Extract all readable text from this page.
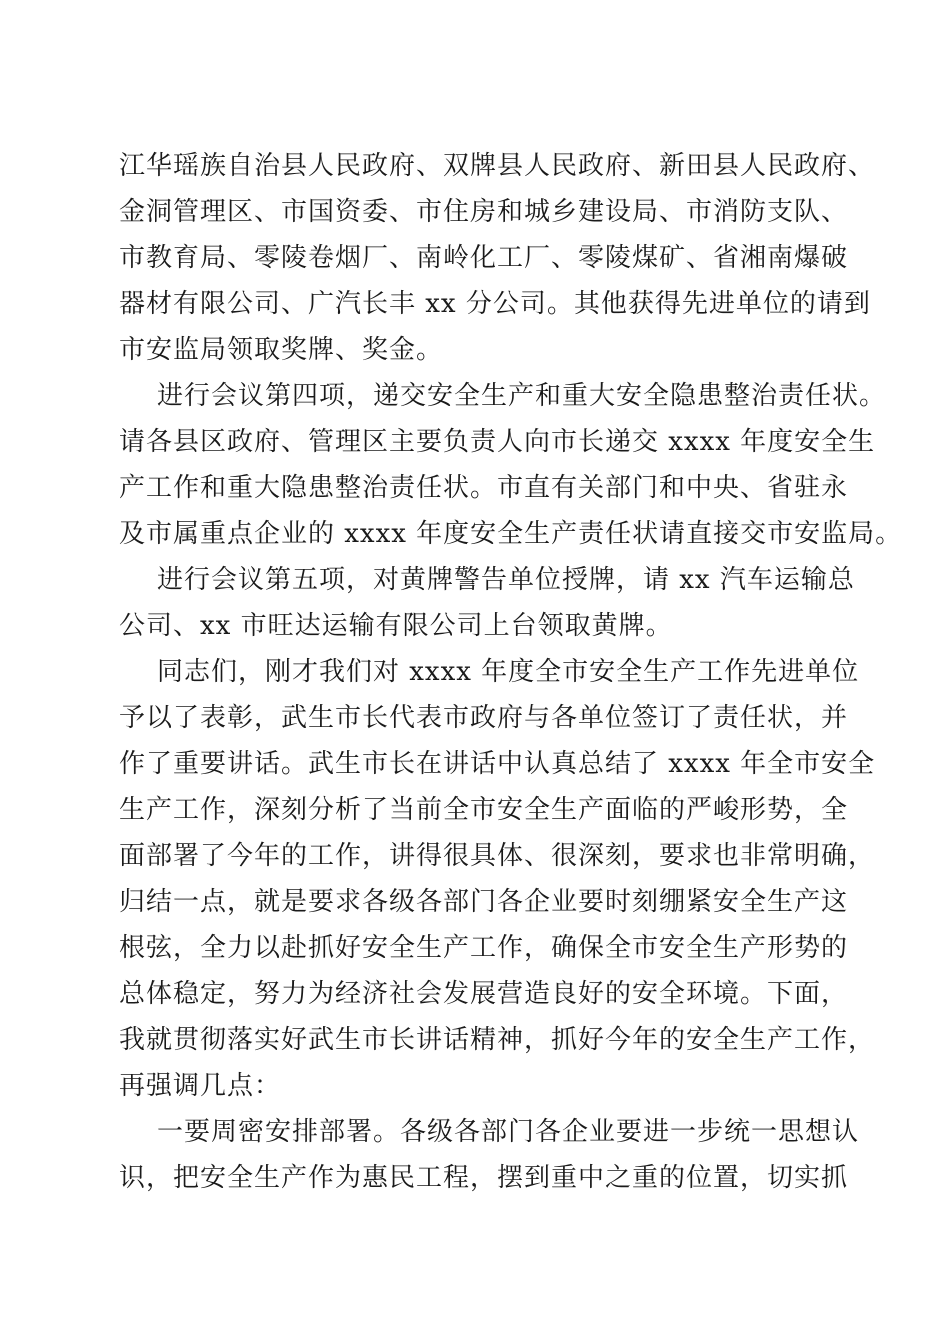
江华瑶族自治县人民政府、双牌县人民政府、新田县人民政府、
金洞管理区、市国资委、市住房和城乡建设局、市消防支队、
市教育局、零陵卷烟厂、南岭化工厂、零陵煤矿、省湘南爆破
器材有限公司、广汽长丰 xx 分公司。其他获得先进单位的请到
市安监局领取奖牌、奖金。
进行会议第四项，递交安全生产和重大安全隐患整治责任状。
请各县区政府、管理区主要负责人向市长递交 xxxx 年度安全生
产工作和重大隐患整治责任状。市直有关部门和中央、省驻永
及市属重点企业的 xxxx 年度安全生产责任状请直接交市安监局。
进行会议第五项，对黄牌警告单位授牌，请 xx 汽车运输总
公司、xx 市旺达运输有限公司上台领取黄牌。
同志们，刚才我们对 xxxx 年度全市安全生产工作先进单位
予以了表彰，武生市长代表市政府与各单位签订了责任状，并
作了重要讲话。武生市长在讲话中认真总结了 xxxx 年全市安全
生产工作，深刻分析了当前全市安全生产面临的严峻形势，全
面部署了今年的工作，讲得很具体、很深刻，要求也非常明确，
归结一点，就是要求各级各部门各企业要时刻绷紧安全生产这
根弦，全力以赴抓好安全生产工作，确保全市安全生产形势的
总体稳定，努力为经济社会发展营造良好的安全环境。下面，
我就贯彻落实好武生市长讲话精神，抓好今年的安全生产工作，
再强调几点：
一要周密安排部署。各级各部门各企业要进一步统一思想认
识，把安全生产作为惠民工程，摆到重中之重的位置，切实抓
